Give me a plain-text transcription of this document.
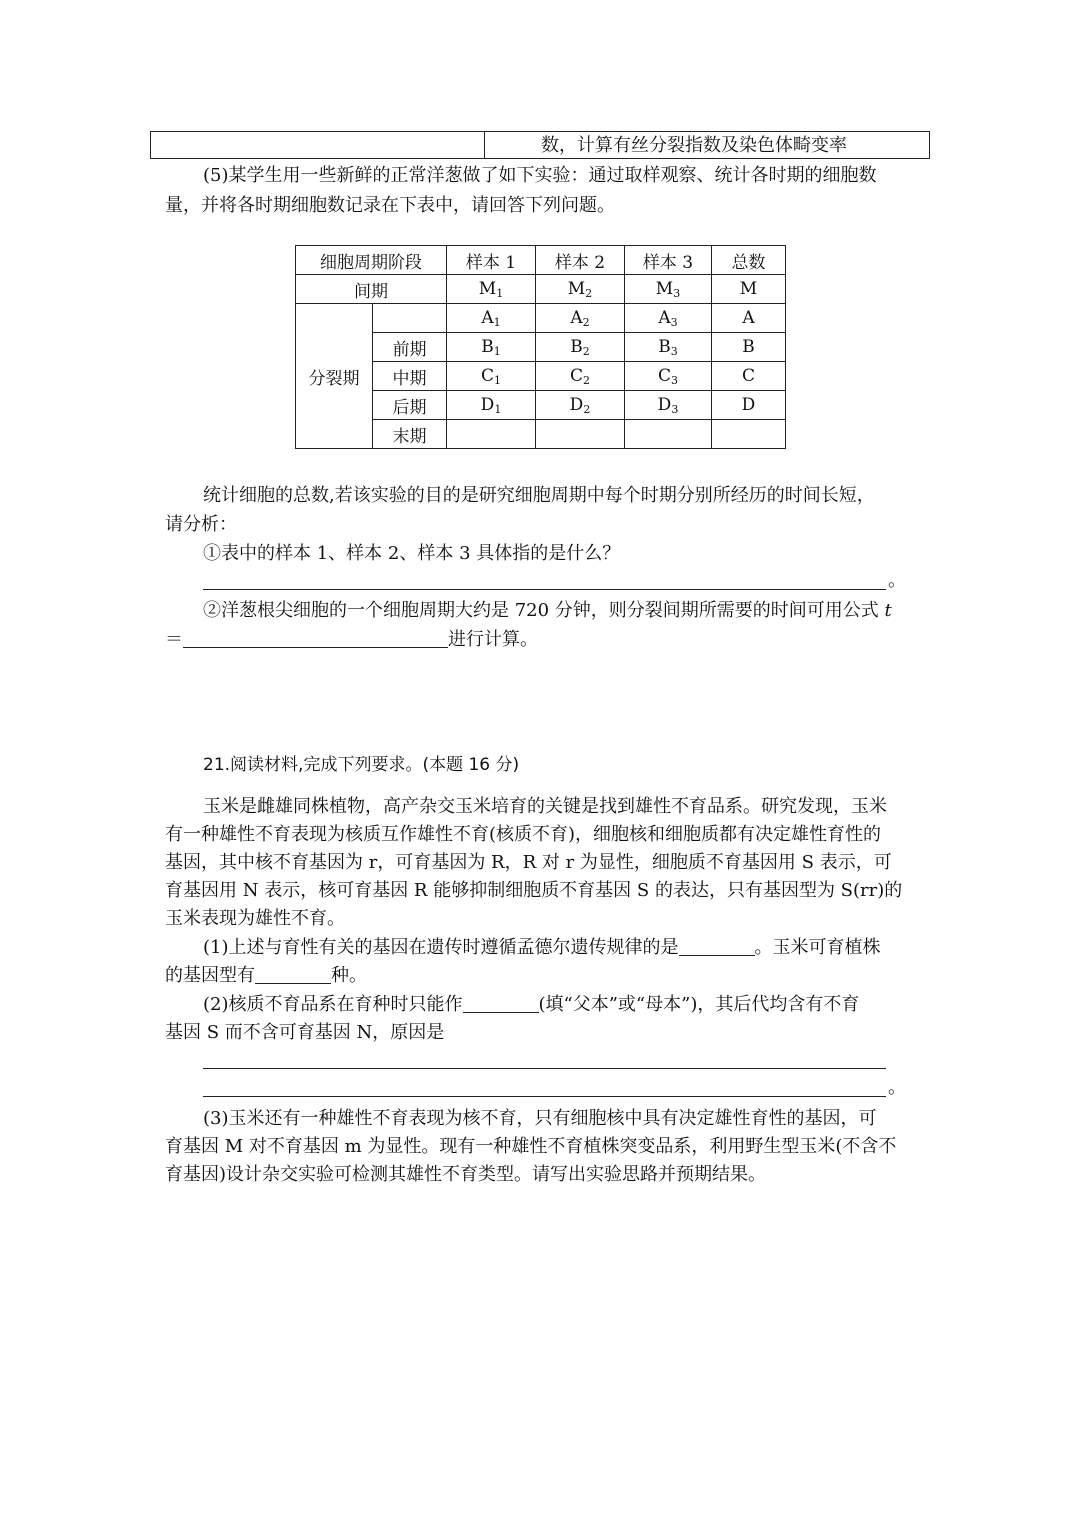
数，计算有丝分裂指数及染色体畸变率
(5)某学生用一些新鲜的正常洋葱做了如下实验：通过取样观察、统计各时期的细胞数
量，并将各时期细胞数记录在下表中，请回答下列问题。
细胞周期阶段		样本 1	样本 2	样本 3	总数
间期		$M_1$	$M_2$	$M_3$	M
分裂期		$A_1$	$A_2$	$A_3$	A
	前期	$B_1$	$B_2$	$B_3$	B
	中期	$C_1$	$C_2$	$C_3$	C
	后期	$D_1$	$D_2$	$D_3$	D
	末期				
统计细胞的总数,若该实验的目的是研究细胞周期中每个时期分别所经历的时间长短，
请分析：
①表中的样本 1、样本 2、样本 3 具体指的是什么？
。
②洋葱根尖细胞的一个细胞周期大约是 720 分钟，则分裂间期所需要的时间可用公式 t
＝	进行计算。
21.阅读材料,完成下列要求。(本题 16 分)
玉米是雌雄同株植物，高产杂交玉米培育的关键是找到雄性不育品系。研究发现，玉米
有一种雄性不育表现为核质互作雄性不育(核质不育)，细胞核和细胞质都有决定雄性育性的
基因，其中核不育基因为 r，可育基因为 R，R 对 r 为显性，细胞质不育基因用 S 表示，可
育基因用 N 表示，核可育基因 R 能够抑制细胞质不育基因 S 的表达，只有基因型为 S(rr)的
玉米表现为雄性不育。
(1)上述与育性有关的基因在遗传时遵循孟德尔遗传规律的是	。玉米可育植株
的基因型有	种。
(2)核质不育品系在育种时只能作	(填“父本”或“母本”)，其后代均含有不育
基因 S 而不含可育基因 N，原因是
。
(3)玉米还有一种雄性不育表现为核不育，只有细胞核中具有决定雄性育性的基因，可
育基因 M 对不育基因 m 为显性。现有一种雄性不育植株突变品系，利用野生型玉米(不含不
育基因)设计杂交实验可检测其雄性不育类型。请写出实验思路并预期结果。
